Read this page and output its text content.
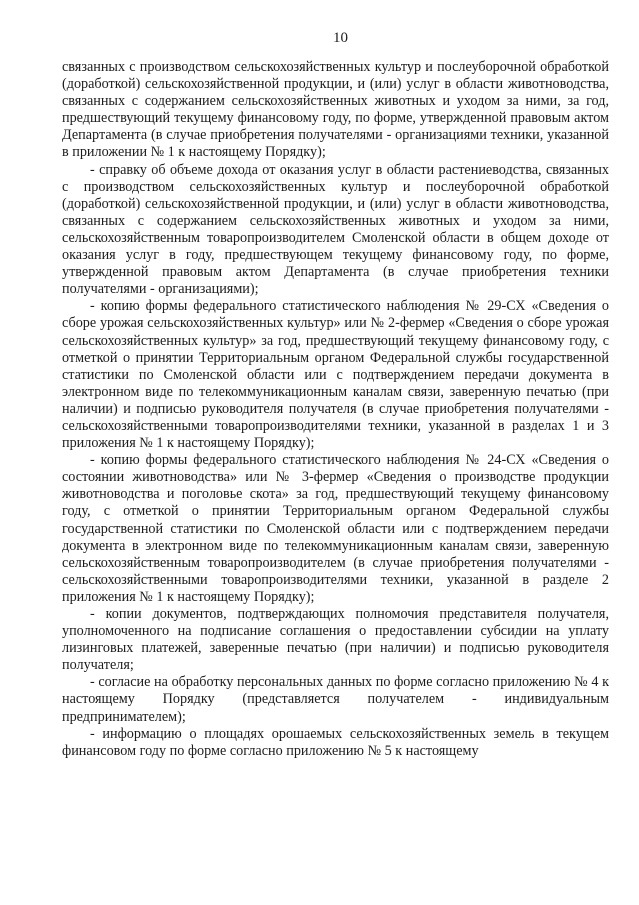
10

связанных с производством сельскохозяйственных культур и послеуборочной обработкой (доработкой) сельскохозяйственной продукции, и (или) услуг в области животноводства, связанных с содержанием сельскохозяйственных животных и уходом за ними, за год, предшествующий текущему финансовому году, по форме, утвержденной правовым актом Департамента (в случае приобретения получателями - организациями техники, указанной в приложении № 1 к настоящему Порядку);

- справку об объеме дохода от оказания услуг в области растениеводства, связанных с производством сельскохозяйственных культур и послеуборочной обработкой (доработкой) сельскохозяйственной продукции, и (или) услуг в области животноводства, связанных с содержанием сельскохозяйственных животных и уходом за ними, сельскохозяйственным товаропроизводителем Смоленской области в общем доходе от оказания услуг в году, предшествующем текущему финансовому году, по форме, утвержденной правовым актом Департамента (в случае приобретения техники получателями - организациями);

- копию формы федерального статистического наблюдения № 29-СХ «Сведения о сборе урожая сельскохозяйственных культур» или № 2-фермер «Сведения о сборе урожая сельскохозяйственных культур» за год, предшествующий текущему финансовому году, с отметкой о принятии Территориальным органом Федеральной службы государственной статистики по Смоленской области или с подтверждением передачи документа в электронном виде по телекоммуникационным каналам связи, заверенную печатью (при наличии) и подписью руководителя получателя (в случае приобретения получателями - сельскохозяйственными товаропроизводителями техники, указанной в разделах 1 и 3 приложения № 1 к настоящему Порядку);

- копию формы федерального статистического наблюдения № 24-СХ «Сведения о состоянии животноводства» или № 3-фермер «Сведения о производстве продукции животноводства и поголовье скота» за год, предшествующий текущему финансовому году, с отметкой о принятии Территориальным органом Федеральной службы государственной статистики по Смоленской области или с подтверждением передачи документа в электронном виде по телекоммуникационным каналам связи, заверенную сельскохозяйственным товаропроизводителем (в случае приобретения получателями - сельскохозяйственными товаропроизводителями техники, указанной в разделе 2 приложения № 1 к настоящему Порядку);

- копии документов, подтверждающих полномочия представителя получателя, уполномоченного на подписание соглашения о предоставлении субсидии на уплату лизинговых платежей, заверенные печатью (при наличии) и подписью руководителя получателя;

- согласие на обработку персональных данных по форме согласно приложению № 4 к настоящему Порядку (представляется получателем - индивидуальным предпринимателем);

- информацию о площадях орошаемых сельскохозяйственных земель в текущем финансовом году по форме согласно приложению № 5 к настоящему
